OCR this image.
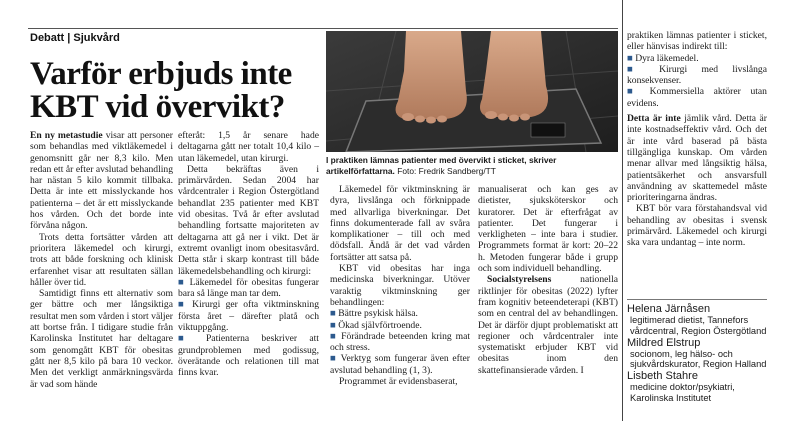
Debatt | Sjukvård
Varför erbjuds inte KBT vid övervikt?

En ny metastudie visar att personer som behandlas med viktläkemedel i genomsnitt går ner 8,3 kilo. Men redan ett år efter avslutad behandling har nästan 5 kilo kommit tillbaka. Detta är inte ett misslyckande hos patienterna – det är ett misslyckande hos vården. Och det borde inte förvåna någon.

Trots detta fortsätter vården att prioritera läkemedel och kirurgi, trots att både forskning och klinisk erfarenhet visar att resultaten sällan håller över tid.

Samtidigt finns ett alternativ som ger bättre och mer långsiktiga resultat men som vården i stort väljer att bortse från. I tidigare studie från Karolinska Institutet har deltagare som genomgått KBT för obesitas gått ner 8,5 kilo på bara 10 veckor. Men det verkligt anmärkningsvärda är vad som hände

efteråt: 1,5 år senare hade deltagarna gått ner totalt 10,4 kilo – utan läkemedel, utan kirurgi.

Detta bekräftas även i primärvården. Sedan 2004 har vårdcentraler i Region Östergötland behandlat 235 patienter med KBT vid obesitas. Två år efter avslutad behandling fortsatte majoriteten av deltagarna att gå ner i vikt. Det är extremt ovanligt inom obesitasvård. Detta står i skarp kontrast till både läkemedelsbehandling och kirurgi:

■ Läkemedel för obesitas fungerar bara så länge man tar dem.

■ Kirurgi ger ofta viktminskning första året – därefter platå och viktuppgång.

■ Patienterna beskriver att grundproblemen med godissug, överätande och relationen till mat finns kvar.

I praktiken lämnas patienter med övervikt i sticket, skriver artikelförfattarna. Foto: Fredrik Sandberg/TT

Läkemedel för viktminskning är dyra, livslånga och förknippade med allvarliga biverkningar. Det finns dokumenterade fall av svåra komplikationer – till och med dödsfall. Ändå är det vad vården fortsätter att satsa på.

KBT vid obesitas har inga medicinska biverkningar. Utöver varaktig viktminskning ger behandlingen:

■ Bättre psykisk hälsa.

■ Ökad självförtroende.

■ Förändrade beteenden kring mat och stress.

■ Verktyg som fungerar även efter avslutad behandling (1, 3).

Programmet är evidensbaserat,

manualiserat och kan ges av dietister, sjuksköterskor och kuratorer. Det är efterfrågat av patienter. Det fungerar i verkligheten – inte bara i studier. Programmets format är kort: 20–22 h. Metoden fungerar både i grupp och som individuell behandling.

Socialstyrelsens nationella riktlinjer för obesitas (2022) lyfter fram kognitiv beteendeterapi (KBT) som en central del av behandlingen. Det är därför djupt problematiskt att regioner och vårdcentraler inte systematiskt erbjuder KBT vid obesitas inom den skattefinansierade vården. I

praktiken lämnas patienter i sticket, eller hänvisas indirekt till:

■ Dyra läkemedel.

■ Kirurgi med livslånga konsekvenser.

■ Kommersiella aktörer utan evidens.

Detta är inte jämlik vård. Detta är inte kostnadseffektiv vård. Och det är inte vård baserad på bästa tillgängliga kunskap. Om vården menar allvar med långsiktig hälsa, patientsäkerhet och ansvarsfull användning av skattemedel måste prioriteringarna ändras.

KBT bör vara förstahandsval vid behandling av obesitas i svensk primärvård. Läkemedel och kirurgi ska vara undantag – inte norm.

Helena Järnåsen
legitimerad dietist, Tannefors vårdcentral, Region Östergötland
Mildred Elstrup
socionom, leg hälso- och sjukvårdskurator, Region Halland
Lisbeth Stahre
medicine doktor/psykiatri, Karolinska Institutet
